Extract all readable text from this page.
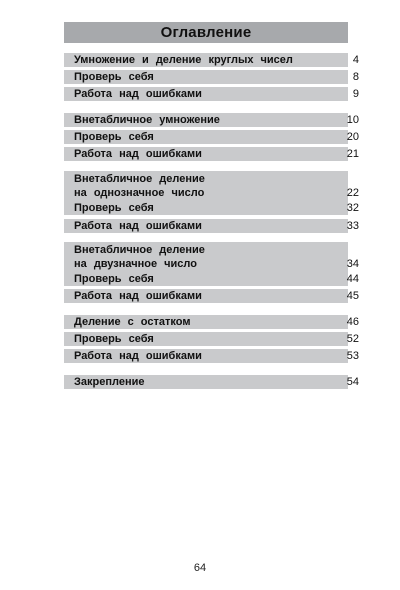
Оглавление
Умножение и деление круглых чисел	4
Проверь себя	8
Работа над ошибками	9
Внетабличное умножение	10
Проверь себя	20
Работа над ошибками	21
Внетабличное деление
на однозначное число	22
Проверь себя	32
Работа над ошибками	33
Внетабличное деление
на двузначное число	34
Проверь себя	44
Работа над ошибками	45
Деление с остатком	46
Проверь себя	52
Работа над ошибками	53
Закрепление	54
64
